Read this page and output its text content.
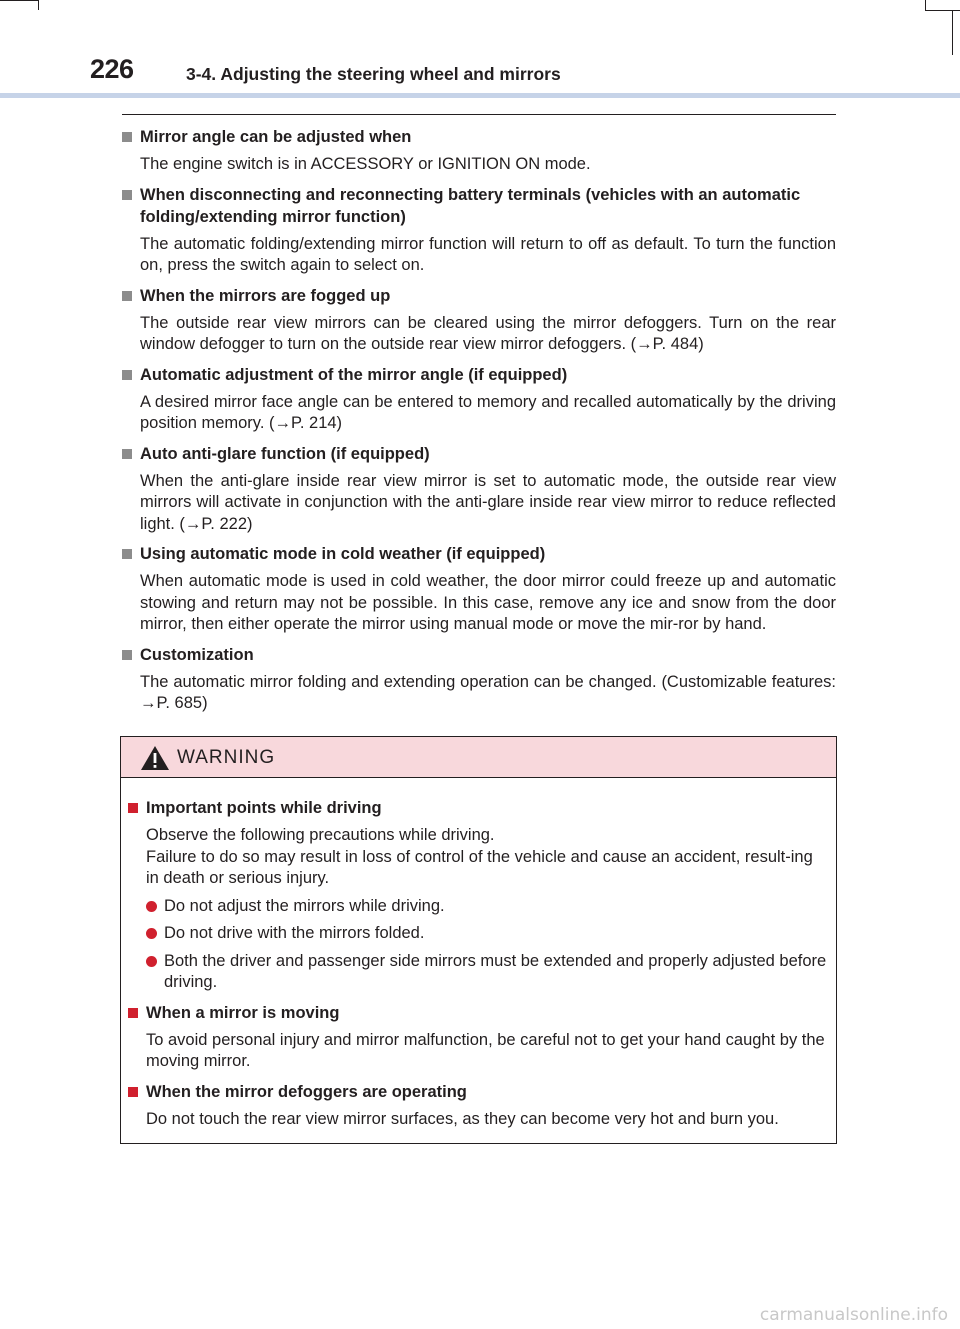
226	3-4. Adjusting the steering wheel and mirrors
Mirror angle can be adjusted when
The engine switch is in ACCESSORY or IGNITION ON mode.
When disconnecting and reconnecting battery terminals (vehicles with an automatic folding/extending mirror function)
The automatic folding/extending mirror function will return to off as default. To turn the function on, press the switch again to select on.
When the mirrors are fogged up
The outside rear view mirrors can be cleared using the mirror defoggers. Turn on the rear window defogger to turn on the outside rear view mirror defoggers. (→P. 484)
Automatic adjustment of the mirror angle (if equipped)
A desired mirror face angle can be entered to memory and recalled automatically by the driving position memory. (→P. 214)
Auto anti-glare function (if equipped)
When the anti-glare inside rear view mirror is set to automatic mode, the outside rear view mirrors will activate in conjunction with the anti-glare inside rear view mirror to reduce reflected light. (→P. 222)
Using automatic mode in cold weather (if equipped)
When automatic mode is used in cold weather, the door mirror could freeze up and automatic stowing and return may not be possible. In this case, remove any ice and snow from the door mirror, then either operate the mirror using manual mode or move the mir-ror by hand.
Customization
The automatic mirror folding and extending operation can be changed. (Customizable features: →P. 685)
WARNING
Important points while driving
Observe the following precautions while driving.
Failure to do so may result in loss of control of the vehicle and cause an accident, result-ing in death or serious injury.
Do not adjust the mirrors while driving.
Do not drive with the mirrors folded.
Both the driver and passenger side mirrors must be extended and properly adjusted before driving.
When a mirror is moving
To avoid personal injury and mirror malfunction, be careful not to get your hand caught by the moving mirror.
When the mirror defoggers are operating
Do not touch the rear view mirror surfaces, as they can become very hot and burn you.
carmanualsonline.info
